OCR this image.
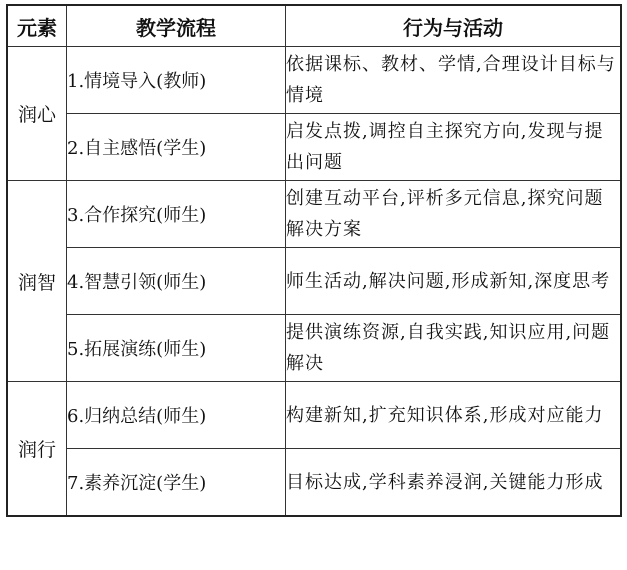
元素	教学流程	行为与活动
润心	1.情境导入(教师)	依据课标、教材、学情,合理设计目标与情境
	2.自主感悟(学生)	启发点拨,调控自主探究方向,发现与提出问题
润智	3.合作探究(师生)	创建互动平台,评析多元信息,探究问题解决方案
	4.智慧引领(师生)	师生活动,解决问题,形成新知,深度思考
	5.拓展演练(师生)	提供演练资源,自我实践,知识应用,问题解决
润行	6.归纳总结(师生)	构建新知,扩充知识体系,形成对应能力
	7.素养沉淀(学生)	目标达成,学科素养浸润,关键能力形成
